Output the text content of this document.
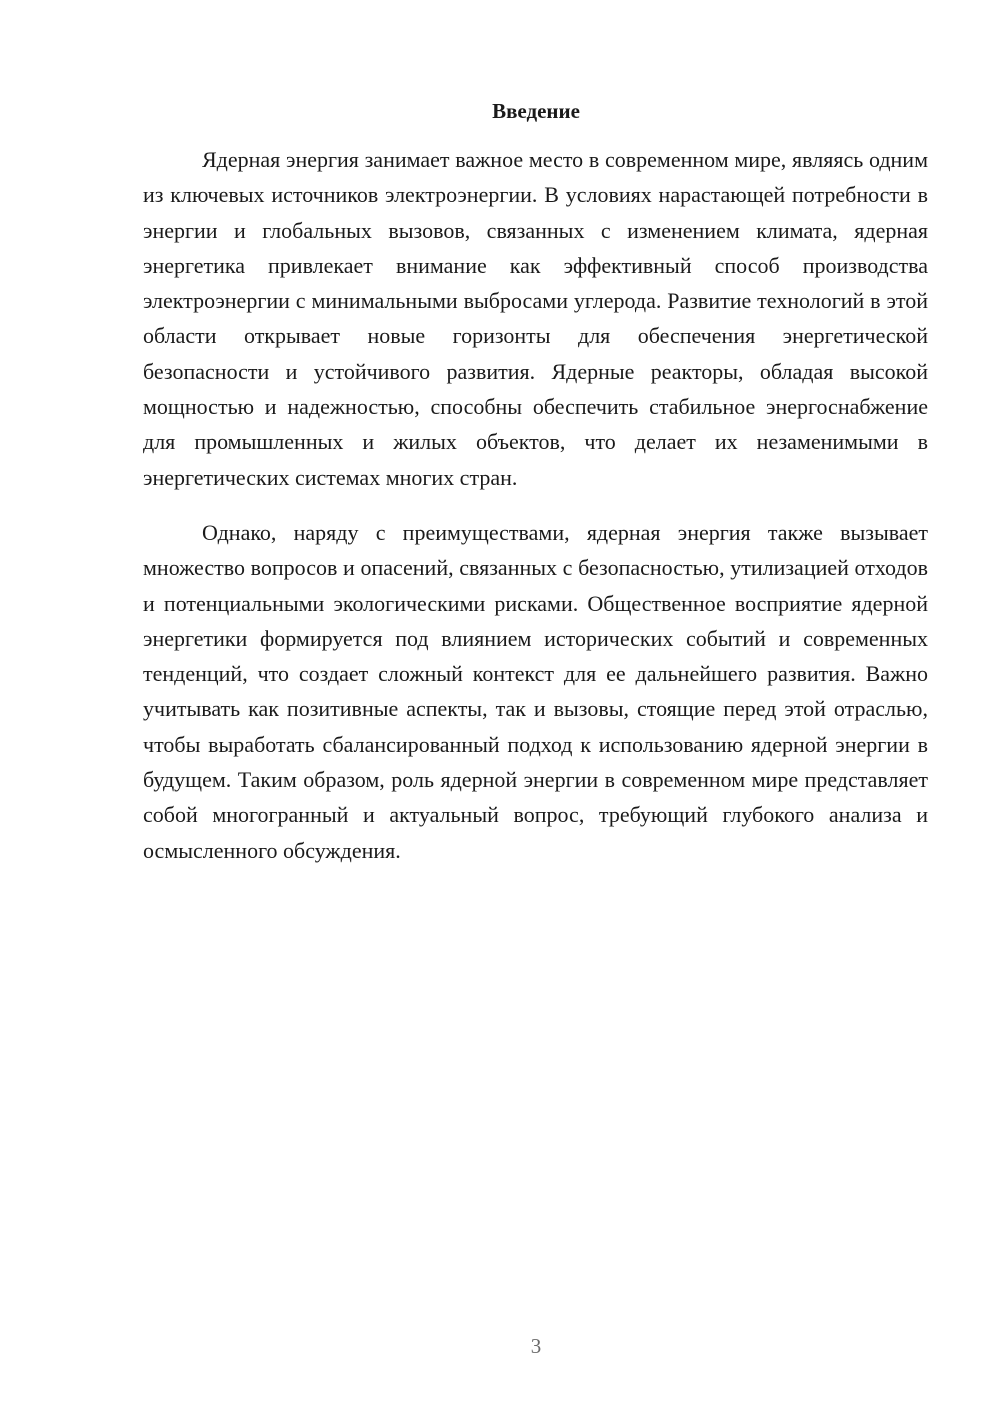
Введение

Ядерная энергия занимает важное место в современном мире, являясь одним из ключевых источников электроэнергии. В условиях нарастающей потребности в энергии и глобальных вызовов, связанных с изменением климата, ядерная энергетика привлекает внимание как эффективный способ производства электроэнергии с минимальными выбросами углерода. Развитие технологий в этой области открывает новые горизонты для обеспечения энергетической безопасности и устойчивого развития. Ядерные реакторы, обладая высокой мощностью и надежностью, способны обеспечить стабильное энергоснабжение для промышленных и жилых объектов, что делает их незаменимыми в энергетических системах многих стран.

Однако, наряду с преимуществами, ядерная энергия также вызывает множество вопросов и опасений, связанных с безопасностью, утилизацией отходов и потенциальными экологическими рисками. Общественное восприятие ядерной энергетики формируется под влиянием исторических событий и современных тенденций, что создает сложный контекст для ее дальнейшего развития. Важно учитывать как позитивные аспекты, так и вызовы, стоящие перед этой отраслью, чтобы выработать сбалансированный подход к использованию ядерной энергии в будущем. Таким образом, роль ядерной энергии в современном мире представляет собой многогранный и актуальный вопрос, требующий глубокого анализа и осмысленного обсуждения.

3
